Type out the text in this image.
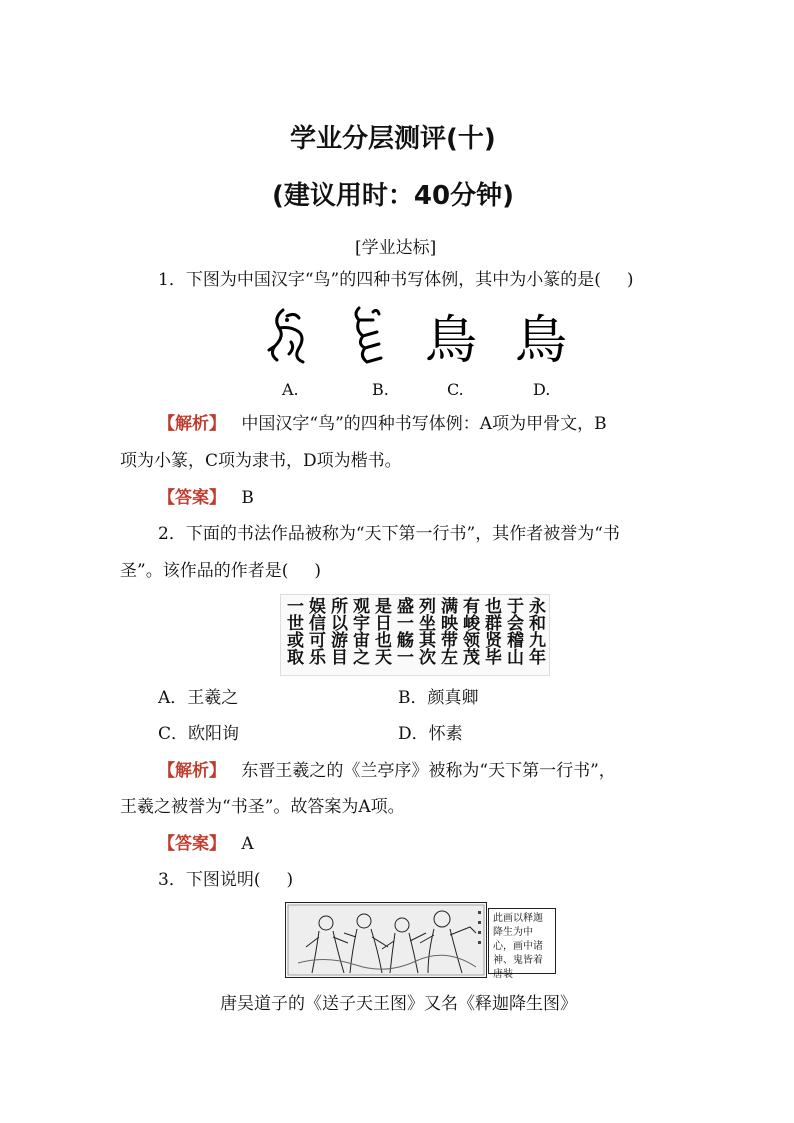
学业分层测评(十)
(建议用时：40分钟)
[学业达标]
1．下图为中国汉字“鸟”的四种书写体例，其中为小篆的是( )
鳥 鳥
A.	B.	C.	D.
【解析】 中国汉字“鸟”的四种书写体例：A项为甲骨文，B
项为小篆，C项为隶书，D项为楷书。
【答案】 B
2．下面的书法作品被称为“天下第一行书”，其作者被誉为“书
圣”。该作品的作者是( )
永和九年
于会稽山
也群贤毕
有峻领茂
满映带左
列坐其次
盛一觞一
是日也天
观宇宙之
所以游目
娱信可乐
一世或取
A．王羲之	B．颜真卿
C．欧阳询	D．怀素
【解析】 东晋王羲之的《兰亭序》被称为“天下第一行书”，
王羲之被誉为“书圣”。故答案为A项。
【答案】 A
3．下图说明( )
此画以释迦降生为中心，画中诸神、鬼皆着唐装
唐吴道子的《送子天王图》又名《释迦降生图》
